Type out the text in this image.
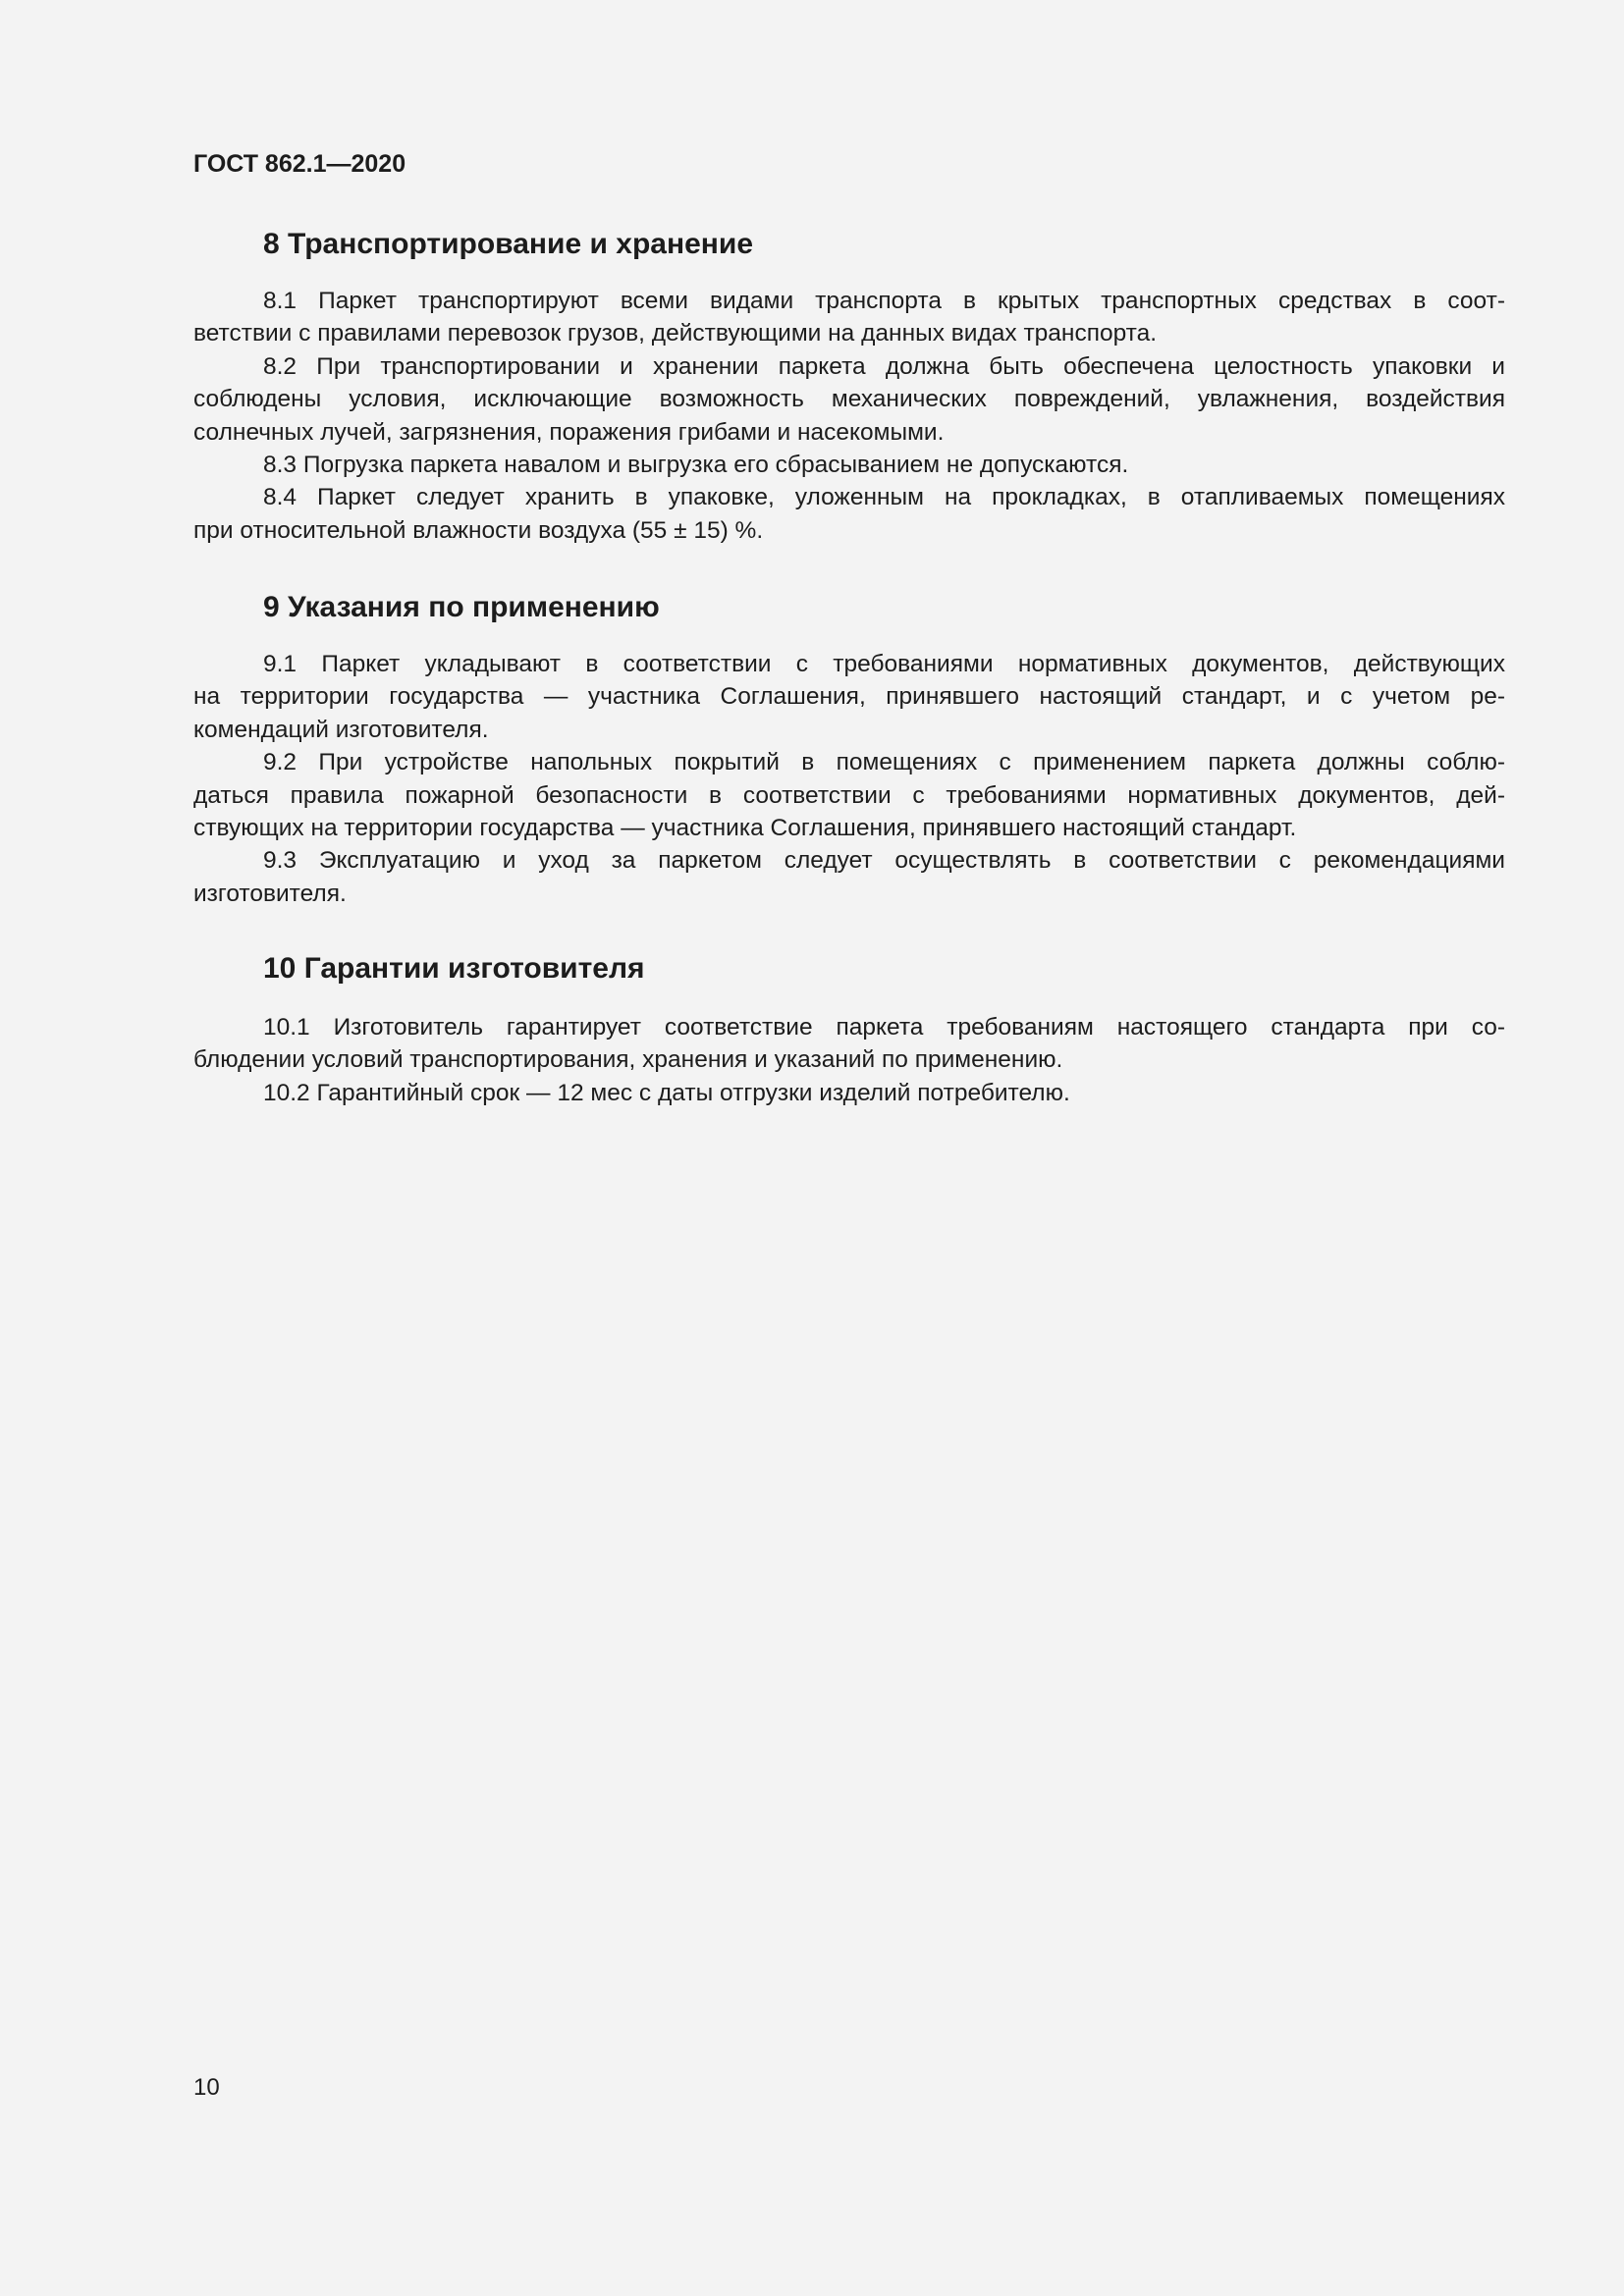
ГОСТ 862.1—2020
8 Транспортирование и хранение
8.1 Паркет транспортируют всеми видами транспорта в крытых транспортных средствах в соот-
ветствии с правилами перевозок грузов, действующими на данных видах транспорта.
8.2 При транспортировании и хранении паркета должна быть обеспечена целостность упаковки и
соблюдены условия, исключающие возможность механических повреждений, увлажнения, воздействия
солнечных лучей, загрязнения, поражения грибами и насекомыми.
8.3 Погрузка паркета навалом и выгрузка его сбрасыванием не допускаются.
8.4 Паркет следует хранить в упаковке, уложенным на прокладках, в отапливаемых помещениях
при относительной влажности воздуха (55 ± 15) %.
9 Указания по применению
9.1 Паркет укладывают в соответствии с требованиями нормативных документов, действующих
на территории государства — участника Соглашения, принявшего настоящий стандарт, и с учетом ре-
комендаций изготовителя.
9.2 При устройстве напольных покрытий в помещениях с применением паркета должны соблю-
даться правила пожарной безопасности в соответствии с требованиями нормативных документов, дей-
ствующих на территории государства — участника Соглашения, принявшего настоящий стандарт.
9.3 Эксплуатацию и уход за паркетом следует осуществлять в соответствии с рекомендациями
изготовителя.
10 Гарантии изготовителя
10.1 Изготовитель гарантирует соответствие паркета требованиям настоящего стандарта при со-
блюдении условий транспортирования, хранения и указаний по применению.
10.2 Гарантийный срок — 12 мес с даты отгрузки изделий потребителю.
10
